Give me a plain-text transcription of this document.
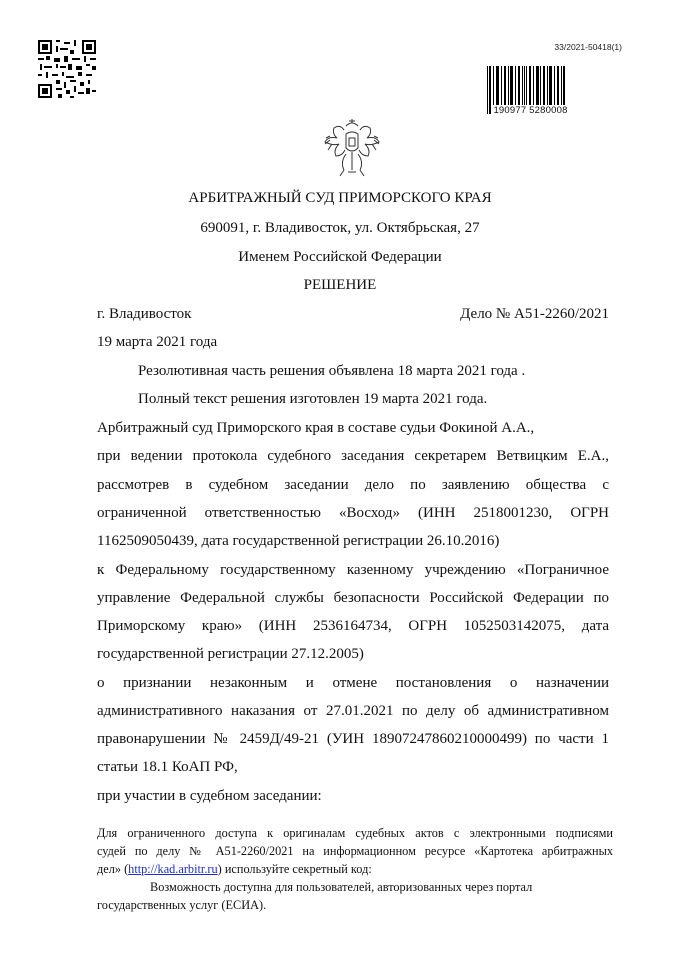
33/2021-50418(1)
190977 5280008
АРБИТРАЖНЫЙ СУД ПРИМОРСКОГО КРАЯ
690091, г. Владивосток, ул. Октябрьская, 27
Именем Российской Федерации
РЕШЕНИЕ
г. Владивосток	Дело № А51-2260/2021
19 марта 2021 года
Резолютивная часть решения объявлена 18 марта 2021 года .
Полный текст решения изготовлен 19 марта 2021 года.
Арбитражный суд Приморского края в составе судьи Фокиной А.А.,
при ведении протокола судебного заседания секретарем Ветвицким Е.А.,
рассмотрев в судебном заседании дело по заявлению общества с
ограниченной ответственностью «Восход» (ИНН 2518001230, ОГРН
1162509050439, дата государственной регистрации 26.10.2016)
к Федеральному государственному казенному учреждению «Пограничное
управление Федеральной службы безопасности Российской Федерации по
Приморскому краю» (ИНН 2536164734, ОГРН 1052503142075, дата
государственной регистрации 27.12.2005)
о признании незаконным и отмене постановления о назначении
административного наказания от 27.01.2021 по делу об административном
правонарушении № 2459Д/49-21 (УИН 18907247860210000499) по части 1
статьи 18.1 КоАП РФ,
при участии в судебном заседании:
Для ограниченного доступа к оригиналам судебных актов с электронными подписями
судей по делу № А51-2260/2021 на информационном ресурсе «Картотека арбитражных
дел» (http://kad.arbitr.ru) используйте секретный код:
Возможность доступна для пользователей, авторизованных через портал
государственных услуг (ЕСИА).
